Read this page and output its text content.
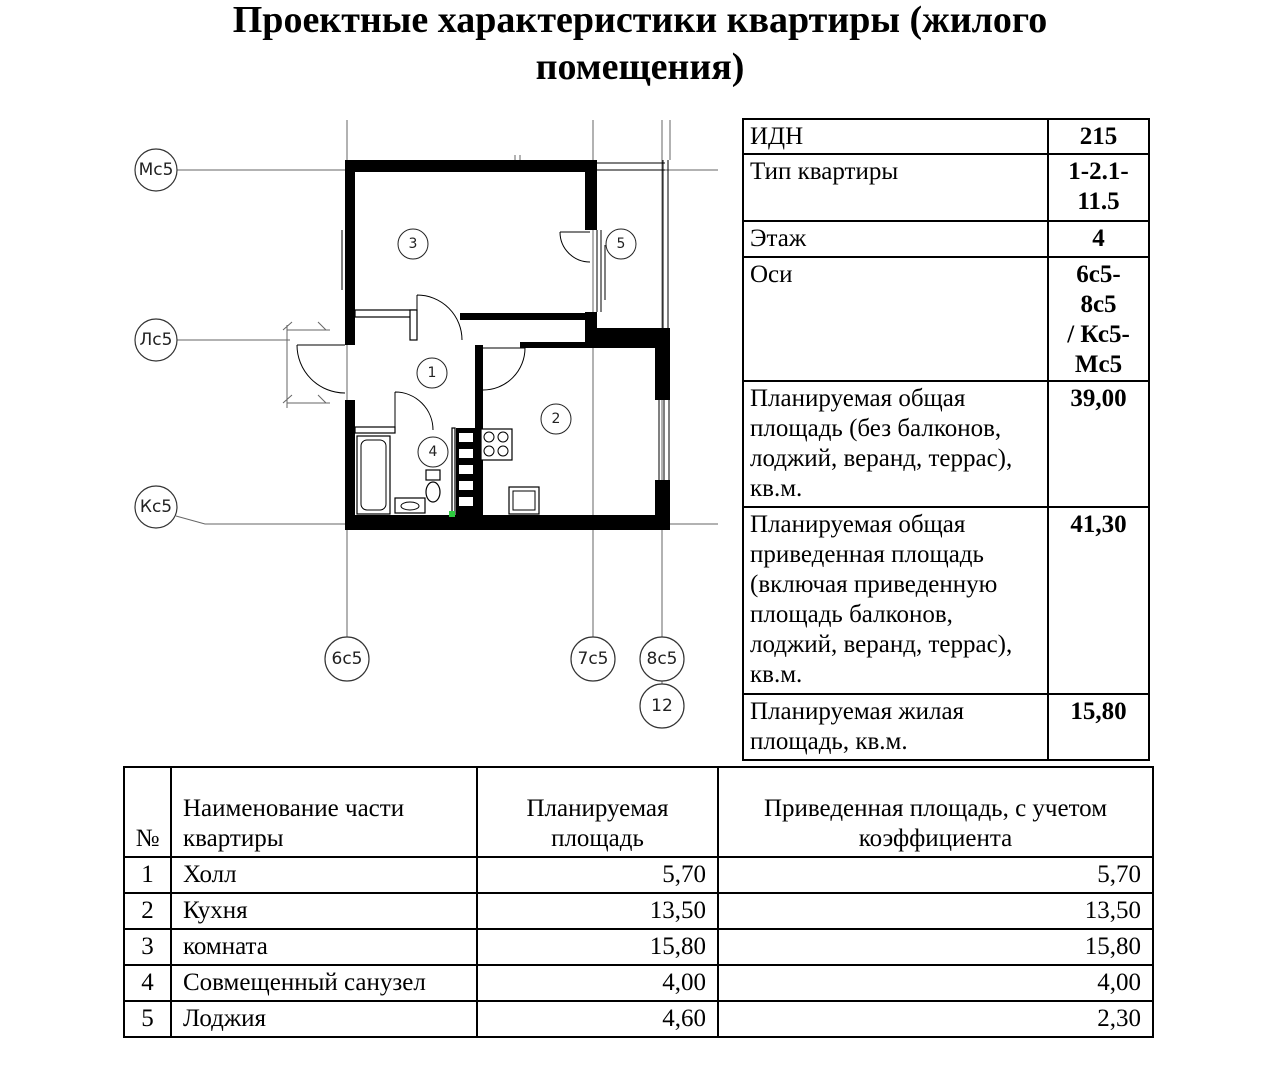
Проектные характеристики квартиры (жилого
помещения)
Мс5
Лс5
Кс5
6с5	7с5 8с5
12
3	5
1
2
4
ИДН	215
Тип квартиры	1-2.1-
11.5

Этаж	4
Оси	6с5-8с5
/ Кс5-
Мс5

Планируемая общая площадь (без балконов, лоджий, веранд, террас), кв.м.	39,00
Планируемая общая приведенная площадь (включая приведенную площадь балконов, лоджий, веранд, террас), кв.м.	41,30
Планируемая жилая площадь, кв.м.	15,80
№	Наименование части квартиры	Планируемая площадь	Приведенная площадь, с учетом коэффициента
1	Холл	5,70	5,70
2	Кухня	13,50	13,50
3	комната	15,80	15,80
4	Совмещенный санузел	4,00	4,00
5	Лоджия	4,60	2,30
